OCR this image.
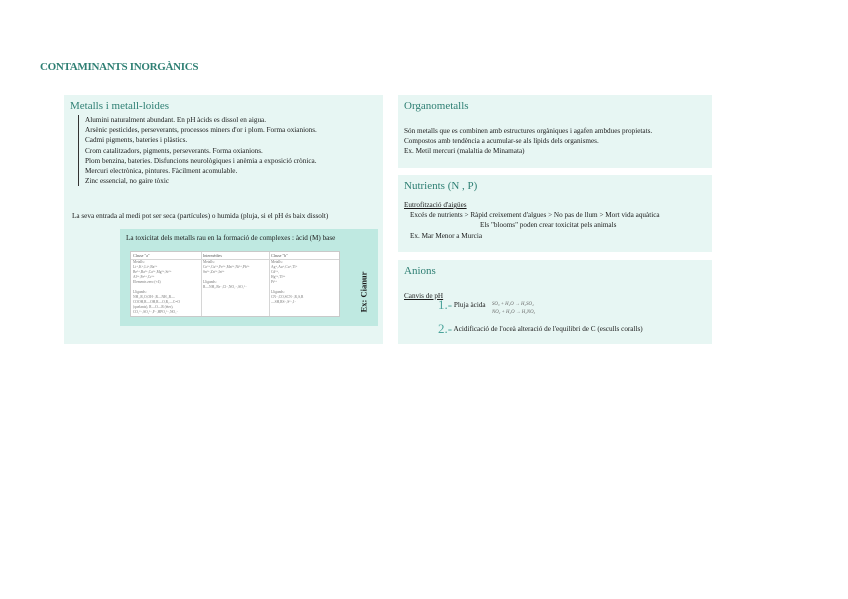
CONTAMINANTS INORGÀNICS
Metalls i metall-loides
Alumini naturalment abundant. En pH àcids es dissol en aigua.
Arsènic pesticides, perseverants, processos miners d'or i plom. Forma oxianions.
Cadmi pigments, bateries i plàstics.
Crom catalitzadors, pigments, perseverants. Forma oxianions.
Plom benzina, bateries. Disfuncions neurològiques i anèmia a exposició crònica.
Mercuri electrònica, pintures. Fàcilment acomulable.
Zinc essencial, no gaire tòxic
La seva entrada al medi pot ser seca (partícules) o humida (pluja, si el pH és baix dissolt)
La toxicitat dels metalls rau en la formació de complexes : àcid (M) base
Classe "a"
Metalls:
Li⁺,K⁺,Li⁺,Ba²⁺
Be²⁺,Ba²⁺,Ca²⁺,Mg²⁺,Sr²⁺
Al³⁺,Fe³⁺,Cr³⁺
Elements zero (+4)

Lligands:
NH₃,R₂O,OH⁻,R—NH₂,R—
COOH,R—OH,R—O,R₂—C=O
(quelants), R—O—R (éter),
CO₃²⁻,SO₄²⁻,F⁻,HPO₄²⁻,NO₃⁻
Intermèdies
Metalls:
Co²⁺,Cu²⁺,Fe²⁺,Mn²⁺,Ni²⁺,Pb²⁺
Sn²⁺,Zn²⁺,In³⁺

Lligands:
R—NH₂,Br⁻,Cl⁻,NO₂⁻,SO₃²⁻
Classe "b"
Metalls:
Ag⁺,Au⁺,Cu⁺,Tl⁺
Cd²⁺,
Hg²⁺,Tl³⁺
Pt²⁺

Lligands:
CN⁻,CO,SCN⁻,R₂S,R
—SH,RS⁻,S²⁻,I⁻	Ex: Cianur
Organometalls
Són metalls que es combinen amb estructures orgàniques i agafen ambdues propietats.
Compostos amb tendència a acumular-se als lípids dels organismes.
Ex. Metil mercuri (malaltia de Minamata)
Nutrients (N , P)
Eutrofització d'aigües
Excés de nutrients > Ràpid creixement d'algues > No pas de llum > Mort vida aquàtica
Els "blooms" poden crear toxicitat pels animals
Ex. Mar Menor a Murcia
Anions
Canvis de pH
1.- Pluja àcida SO₃ + H₂O → H₂SO₄
NO₂ + H₂O → H₂NO₃
2.- Acidificació de l'oceà alteració de l'equilibri de C (esculls coralls)
